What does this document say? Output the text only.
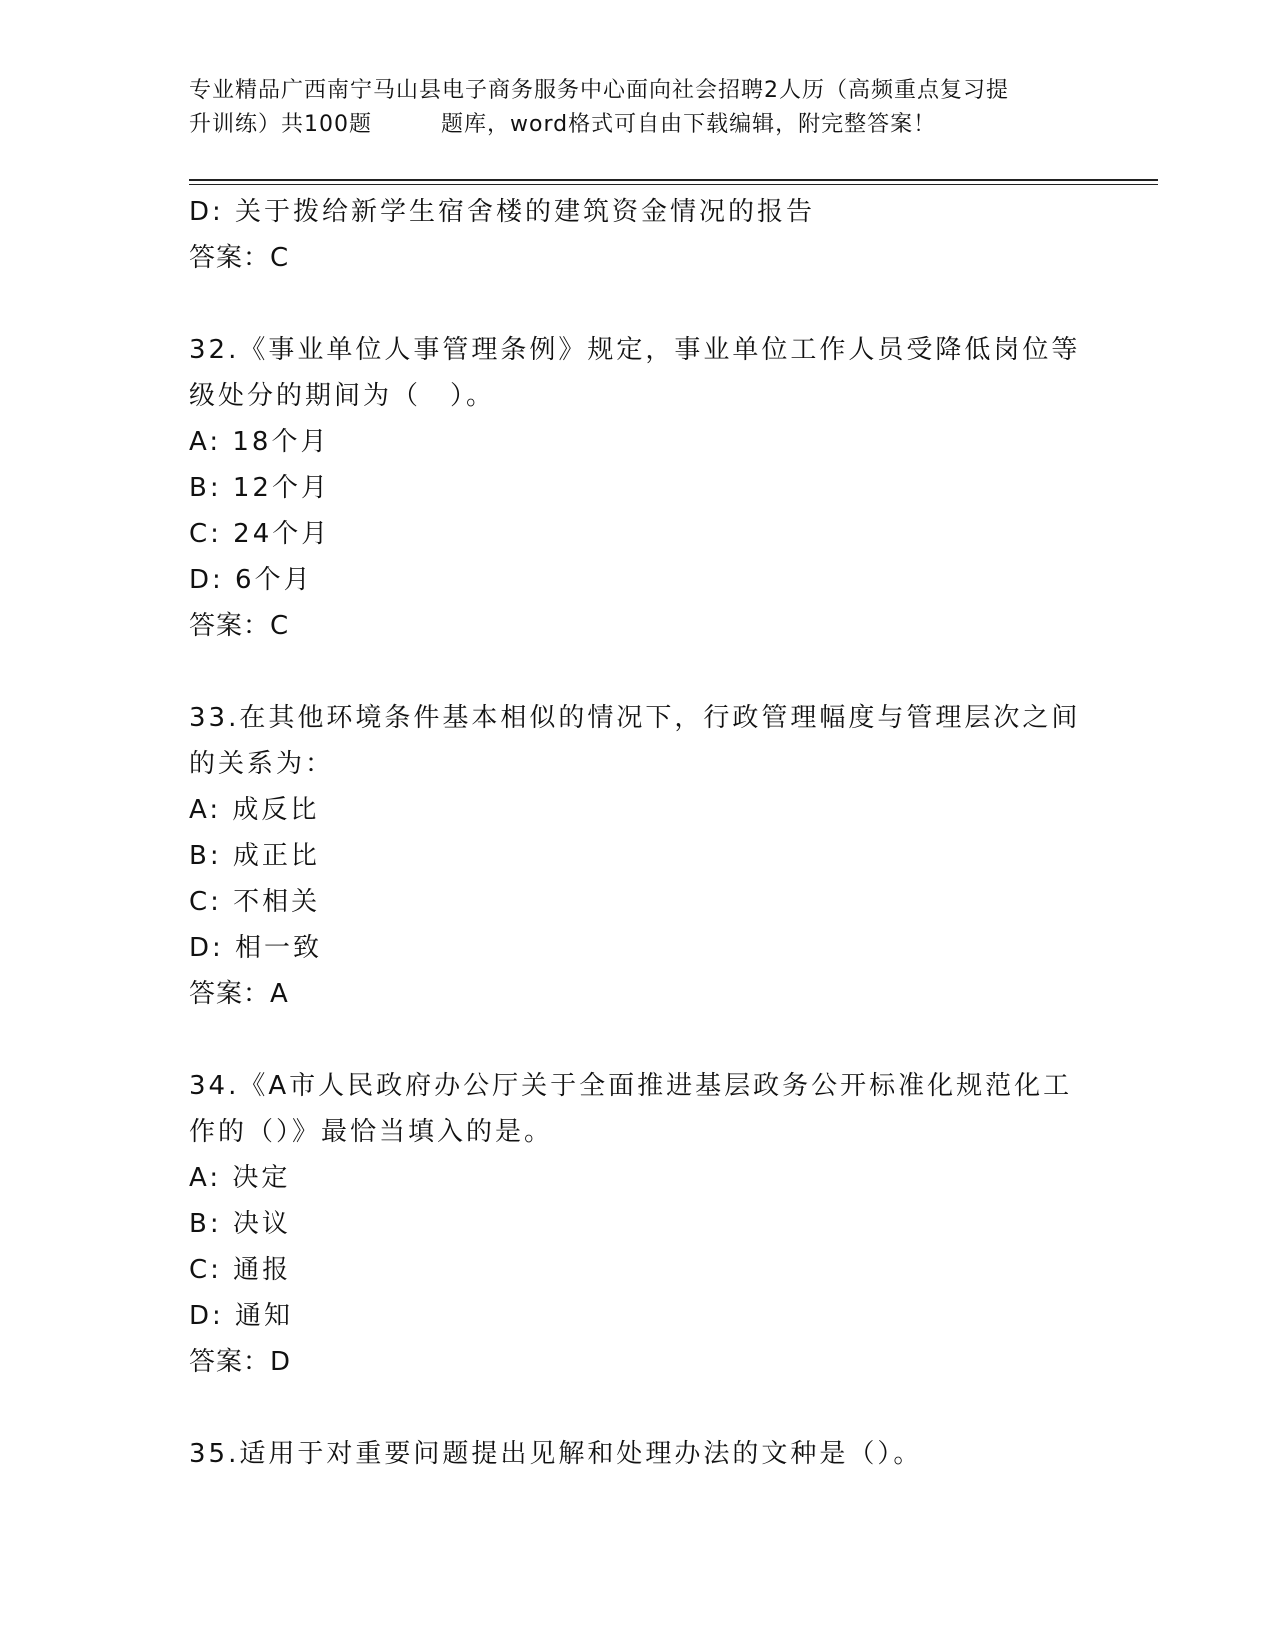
专业精品广西南宁马山县电子商务服务中心面向社会招聘2人历（高频重点复习提
升训练）共100题　　　题库，word格式可自由下载编辑，附完整答案！
D: 关于拨给新学生宿舍楼的建筑资金情况的报告
答案：C
32.《事业单位人事管理条例》规定，事业单位工作人员受降低岗位等
级处分的期间为（　）。
A: 18个月
B: 12个月
C: 24个月
D: 6个月
答案：C
33.在其他环境条件基本相似的情况下，行政管理幅度与管理层次之间
的关系为：
A: 成反比
B: 成正比
C: 不相关
D: 相一致
答案：A
34.《A市人民政府办公厅关于全面推进基层政务公开标准化规范化工
作的（）》最恰当填入的是。
A: 决定
B: 决议
C: 通报
D: 通知
答案：D
35.适用于对重要问题提出见解和处理办法的文种是（）。
